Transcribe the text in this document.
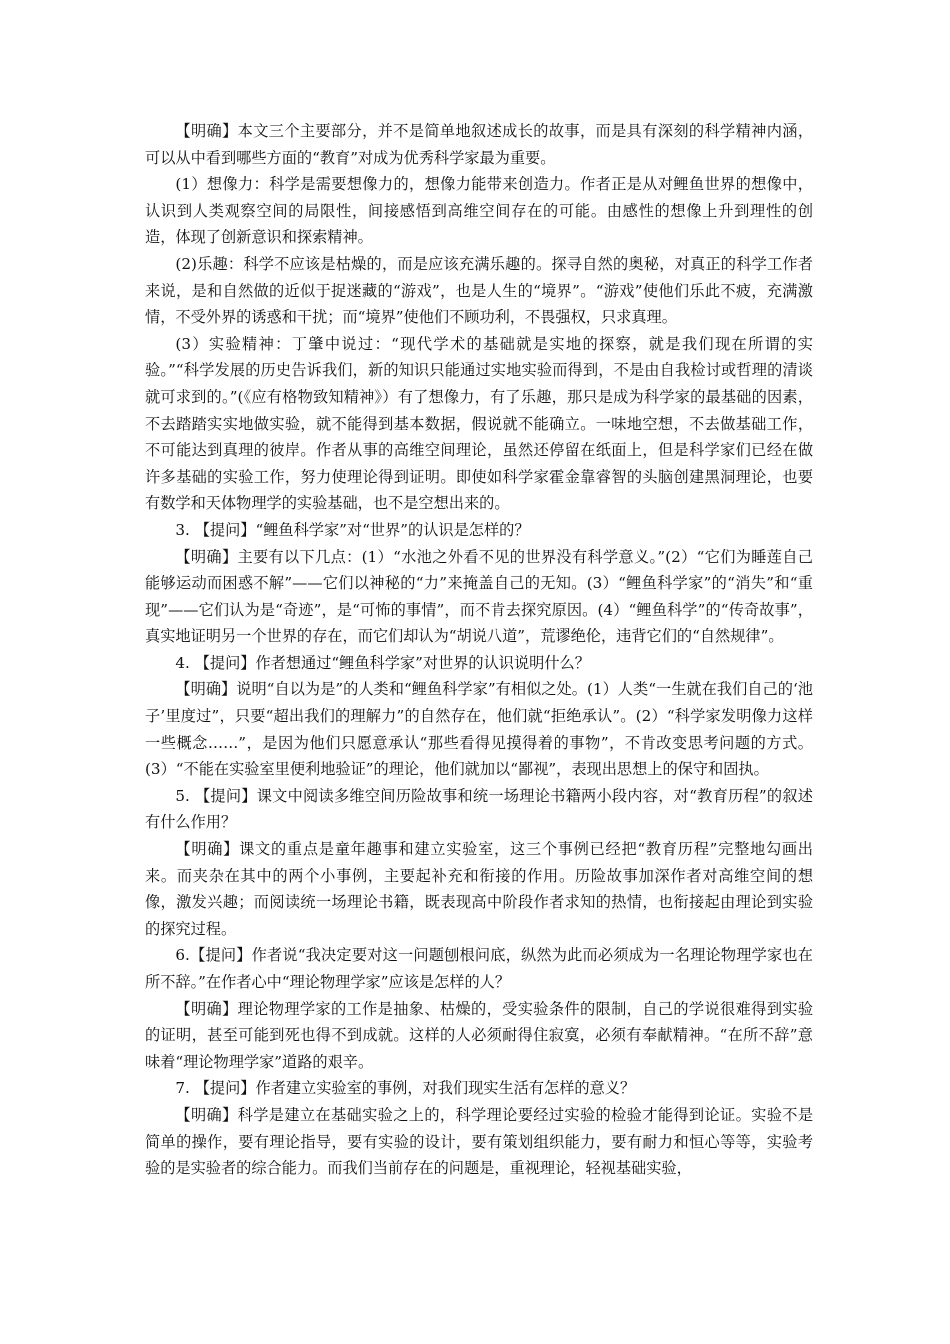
【明确】本文三个主要部分，并不是简单地叙述成长的故事，而是具有深刻的科学精神内涵，可以从中看到哪些方面的“教育”对成为优秀科学家最为重要。

(1）想像力：科学是需要想像力的，想像力能带来创造力。作者正是从对鲤鱼世界的想像中，认识到人类观察空间的局限性，间接感悟到高维空间存在的可能。由感性的想像上升到理性的创造，体现了创新意识和探索精神。

(2)乐趣：科学不应该是枯燥的，而是应该充满乐趣的。探寻自然的奥秘，对真正的科学工作者来说，是和自然做的近似于捉迷藏的“游戏”，也是人生的“境界”。“游戏”使他们乐此不疲，充满激情，不受外界的诱惑和干扰；而“境界”使他们不顾功利，不畏强权，只求真理。

(3）实验精神：丁肇中说过：“现代学术的基础就是实地的探察，就是我们现在所谓的实验。”“科学发展的历史告诉我们，新的知识只能通过实地实验而得到，不是由自我检讨或哲理的清谈就可求到的。”(《应有格物致知精神》）有了想像力，有了乐趣，那只是成为科学家的最基础的因素，不去踏踏实实地做实验，就不能得到基本数据，假说就不能确立。一味地空想，不去做基础工作，不可能达到真理的彼岸。作者从事的高维空间理论，虽然还停留在纸面上，但是科学家们已经在做许多基础的实验工作，努力使理论得到证明。即使如科学家霍金靠睿智的头脑创建黑洞理论，也要有数学和天体物理学的实验基础，也不是空想出来的。

3. 【提问】“鲤鱼科学家”对“世界”的认识是怎样的？

【明确】主要有以下几点：(1）“水池之外看不见的世界没有科学意义。”(2）“它们为睡莲自己能够运动而困惑不解”——它们以神秘的“力”来掩盖自己的无知。(3）“鲤鱼科学家”的“消失”和“重现”——它们认为是“奇迹”，是“可怖的事情”，而不肯去探究原因。(4）“鲤鱼科学”的“传奇故事”，真实地证明另一个世界的存在，而它们却认为“胡说八道”，荒谬绝伦，违背它们的“自然规律”。

4. 【提问】作者想通过“鲤鱼科学家”对世界的认识说明什么？

【明确】说明“自以为是”的人类和“鲤鱼科学家”有相似之处。(1）人类“一生就在我们自己的‘池子’里度过”，只要“超出我们的理解力”的自然存在，他们就“拒绝承认”。(2）“科学家发明像力这样一些概念……”，是因为他们只愿意承认“那些看得见摸得着的事物”，不肯改变思考问题的方式。(3）“不能在实验室里便利地验证”的理论，他们就加以“鄙视”，表现出思想上的保守和固执。

5. 【提问】课文中阅读多维空间历险故事和统一场理论书籍两小段内容，对“教育历程”的叙述有什么作用？

【明确】课文的重点是童年趣事和建立实验室，这三个事例已经把“教育历程”完整地勾画出来。而夹杂在其中的两个小事例，主要起补充和衔接的作用。历险故事加深作者对高维空间的想像，激发兴趣；而阅读统一场理论书籍，既表现高中阶段作者求知的热情，也衔接起由理论到实验的探究过程。

6.【提问】作者说“我决定要对这一问题刨根问底，纵然为此而必须成为一名理论物理学家也在所不辞。”在作者心中“理论物理学家”应该是怎样的人？

【明确】理论物理学家的工作是抽象、枯燥的，受实验条件的限制，自己的学说很难得到实验的证明，甚至可能到死也得不到成就。这样的人必须耐得住寂寞，必须有奉献精神。“在所不辞”意味着“理论物理学家”道路的艰辛。

7. 【提问】作者建立实验室的事例，对我们现实生活有怎样的意义？

【明确】科学是建立在基础实验之上的，科学理论要经过实验的检验才能得到论证。实验不是简单的操作，要有理论指导，要有实验的设计，要有策划组织能力，要有耐力和恒心等等，实验考验的是实验者的综合能力。而我们当前存在的问题是，重视理论，轻视基础实验，
